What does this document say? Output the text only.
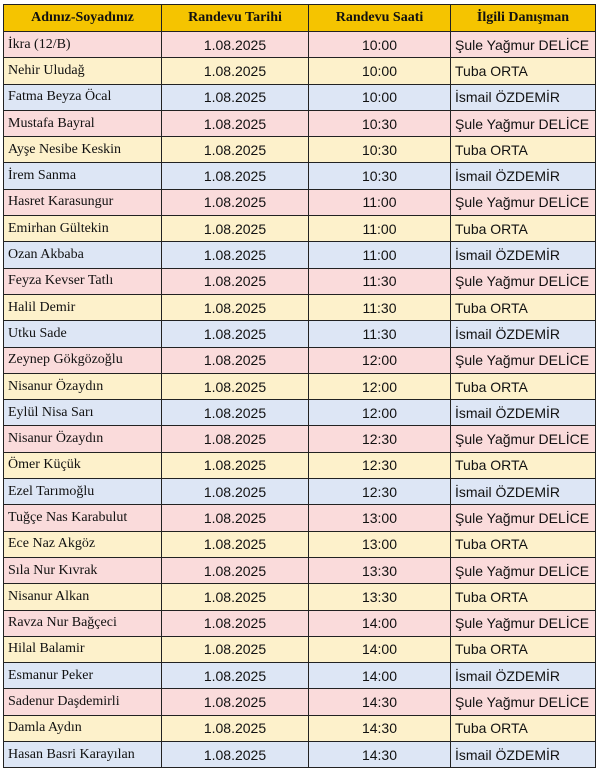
Adınız-Soyadınız	Randevu Tarihi	Randevu Saati	İlgili Danışman
İkra (12/B)	1.08.2025	10:00	Şule Yağmur DELİCE
Nehir Uludağ	1.08.2025	10:00	Tuba ORTA
Fatma Beyza Öcal	1.08.2025	10:00	İsmail ÖZDEMİR
Mustafa Bayral	1.08.2025	10:30	Şule Yağmur DELİCE
Ayşe Nesibe Keskin	1.08.2025	10:30	Tuba ORTA
İrem Sanma	1.08.2025	10:30	İsmail ÖZDEMİR
Hasret Karasungur	1.08.2025	11:00	Şule Yağmur DELİCE
Emirhan Gültekin	1.08.2025	11:00	Tuba ORTA
Ozan Akbaba	1.08.2025	11:00	İsmail ÖZDEMİR
Feyza Kevser Tatlı	1.08.2025	11:30	Şule Yağmur DELİCE
Halil Demir	1.08.2025	11:30	Tuba ORTA
Utku Sade	1.08.2025	11:30	İsmail ÖZDEMİR
Zeynep Gökgözoğlu	1.08.2025	12:00	Şule Yağmur DELİCE
Nisanur Özaydın	1.08.2025	12:00	Tuba ORTA
Eylül Nisa Sarı	1.08.2025	12:00	İsmail ÖZDEMİR
Nisanur Özaydın	1.08.2025	12:30	Şule Yağmur DELİCE
Ömer Küçük	1.08.2025	12:30	Tuba ORTA
Ezel Tarımoğlu	1.08.2025	12:30	İsmail ÖZDEMİR
Tuğçe Nas Karabulut	1.08.2025	13:00	Şule Yağmur DELİCE
Ece Naz Akgöz	1.08.2025	13:00	Tuba ORTA
Sıla Nur Kıvrak	1.08.2025	13:30	Şule Yağmur DELİCE
Nisanur Alkan	1.08.2025	13:30	Tuba ORTA
Ravza Nur Bağçeci	1.08.2025	14:00	Şule Yağmur DELİCE
Hilal Balamir	1.08.2025	14:00	Tuba ORTA
Esmanur Peker	1.08.2025	14:00	İsmail ÖZDEMİR
Sadenur Daşdemirli	1.08.2025	14:30	Şule Yağmur DELİCE
Damla Aydın	1.08.2025	14:30	Tuba ORTA
Hasan Basri Karayılan	1.08.2025	14:30	İsmail ÖZDEMİR
